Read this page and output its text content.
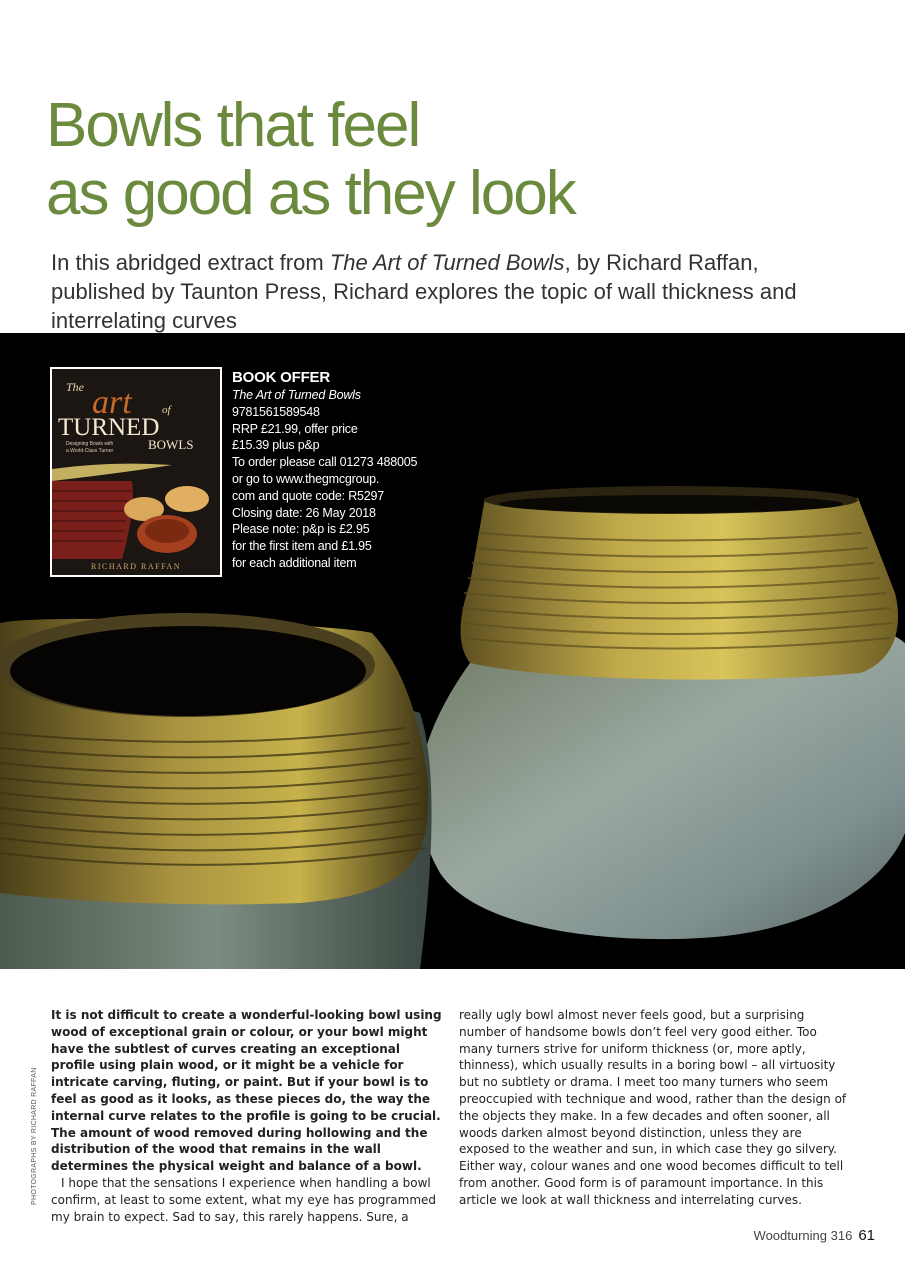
Bowls that feel
as good as they look

In this abridged extract from The Art of Turned Bowls, by Richard Raffan, published by Taunton Press, Richard explores the topic of wall thickness and interrelating curves

The art	of
TURNED
BOWLS
Designing Bowls with
a World-Class Turner
RICHARD RAFFAN
BOOK OFFER
The Art of Turned Bowls
9781561589548
RRP £21.99, offer price
£15.39 plus p&p
To order please call 01273 488005
or go to www.thegmcgroup.
com and quote code: R5297
Closing date: 26 May 2018
Please note: p&p is £2.95
for the first item and £1.95
for each additional item
PHOTOGRAPHS BY RICHARD RAFFAN

It is not difficult to create a wonderful-looking bowl using wood of exceptional grain or colour, or your bowl might have the subtlest of curves creating an exceptional profile using plain wood, or it might be a vehicle for intricate carving, fluting, or paint. But if your bowl is to feel as good as it looks, as these pieces do, the way the internal curve relates to the profile is going to be crucial. The amount of wood removed during hollowing and the distribution of the wood that remains in the wall determines the physical weight and balance of a bowl.

I hope that the sensations I experience when handling a bowl confirm, at least to some extent, what my eye has programmed my brain to expect. Sad to say, this rarely happens. Sure, a

really ugly bowl almost never feels good, but a surprising number of handsome bowls don’t feel very good either. Too many turners strive for uniform thickness (or, more aptly, thinness), which usually results in a boring bowl – all virtuosity but no subtlety or drama. I meet too many turners who seem preoccupied with technique and wood, rather than the design of the objects they make. In a few decades and often sooner, all woods darken almost beyond distinction, unless they are exposed to the weather and sun, in which case they go silvery. Either way, colour wanes and one wood becomes difficult to tell from another. Good form is of paramount importance. In this article we look at wall thickness and interrelating curves.

Woodturning 316 61
